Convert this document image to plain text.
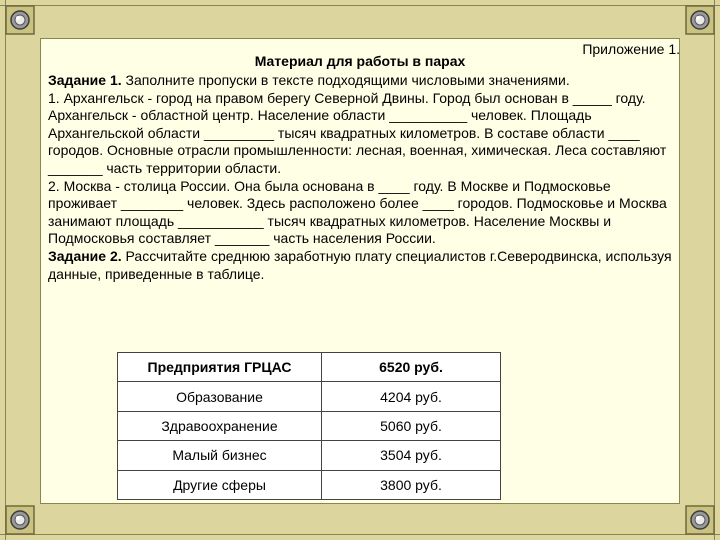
Приложение 1.
Материал для работы в парах

Задание 1. Заполните пропуски в тексте подходящими числовыми значениями.

1. Архангельск - город на правом берегу Северной Двины. Город был основан в _____ году. Архангельск - областной центр. Население области __________ человек. Площадь Архангельской области _________ тысяч квадратных километров. В составе области ____ городов. Основные отрасли промышленности: лесная, военная, химическая. Леса составляют _______ часть территории области.

2. Москва - столица России. Она была основана в ____ году. В Москве и Подмосковье проживает ________ человек. Здесь расположено более ____ городов. Подмосковье и Москва занимают площадь ___________ тысяч квадратных километров. Население Москвы и Подмосковья составляет _______ часть населения России.

Задание 2. Рассчитайте среднюю заработную плату специалистов г.Северодвинска, используя данные, приведенные в таблице.

Предприятия ГРЦАС	6520 руб.
Образование	4204 руб.
Здравоохранение	5060 руб.
Малый бизнес	3504 руб.
Другие сферы	3800 руб.
